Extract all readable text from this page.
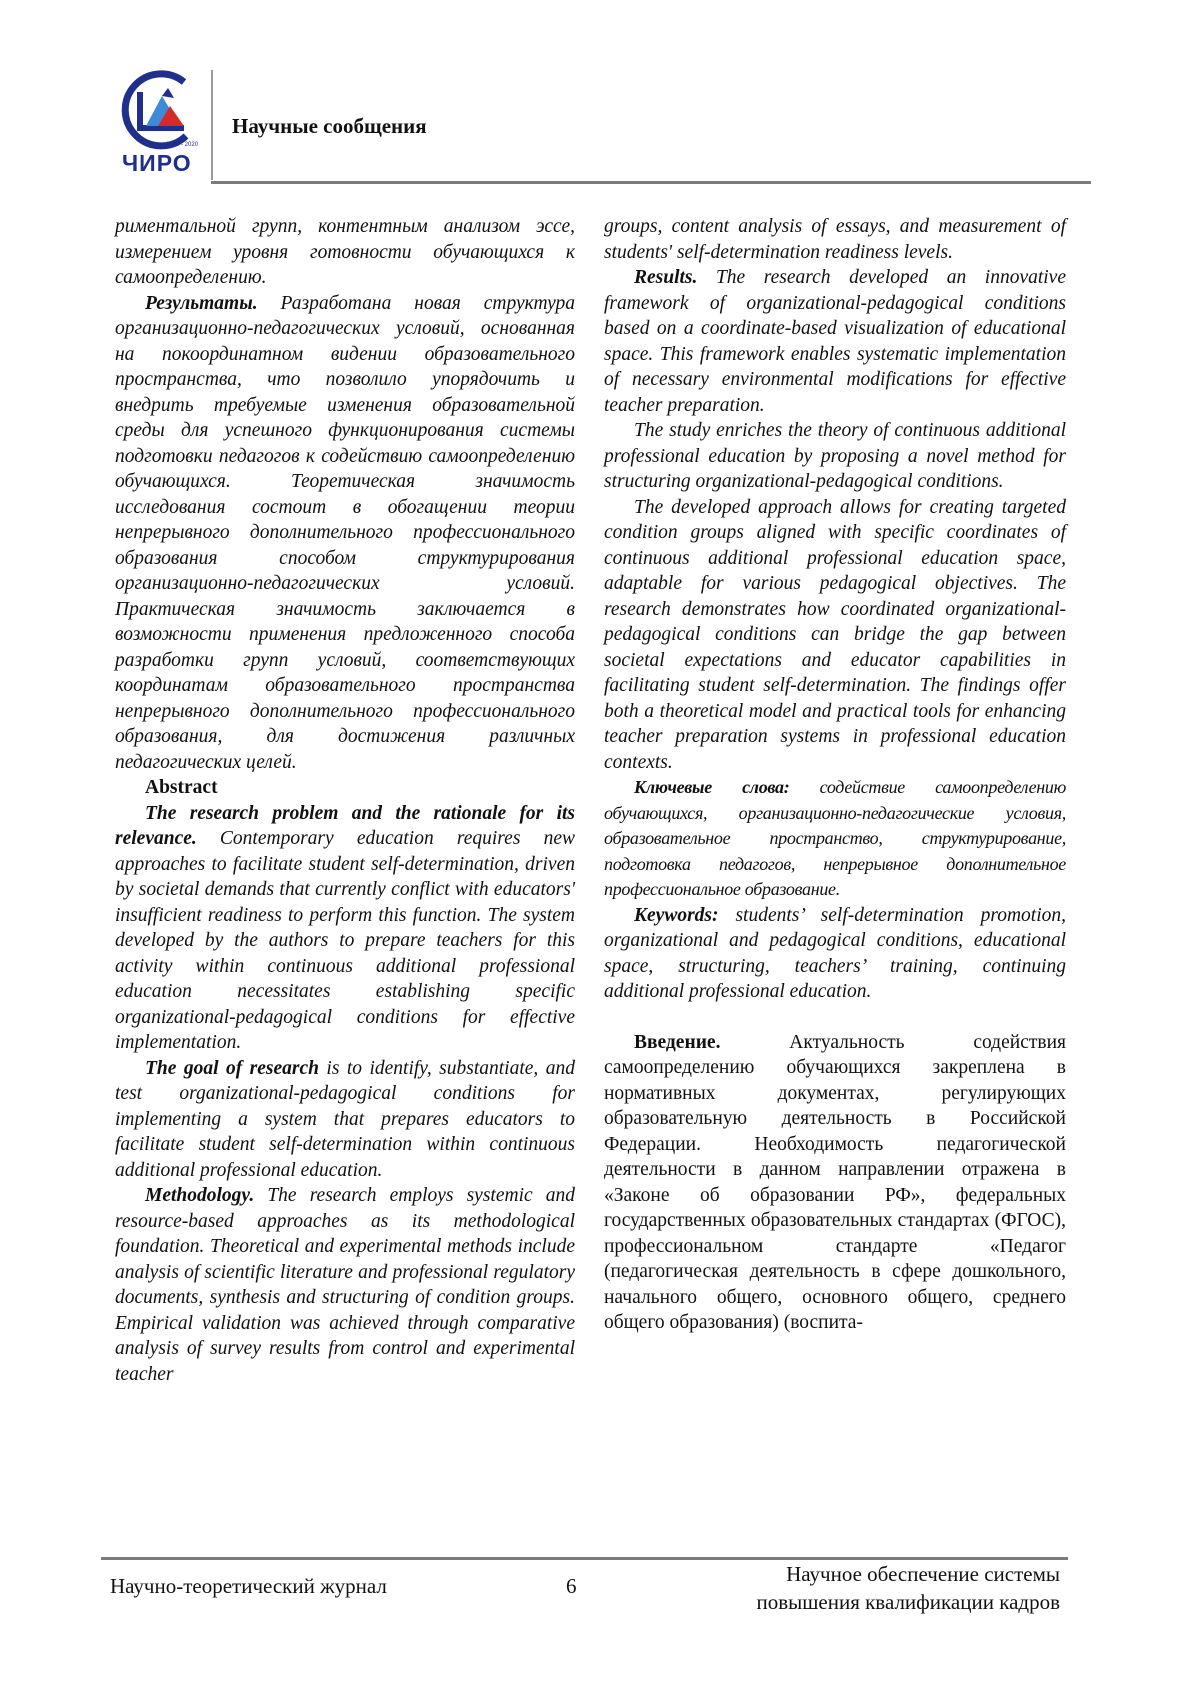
1940 - 2020
ЧИРО
Научные сообщения

риментальной групп, контентным анализом эссе, измерением уровня готовности обучающихся к самоопределению.

Результаты. Разработана новая структура организационно-педагогических условий, основанная на покоординатном видении образовательного пространства, что позволило упорядочить и внедрить требуемые изменения образовательной среды для успешного функционирования системы подготовки педагогов к содействию самоопределению обучающихся. Теоретическая значимость исследования состоит в обогащении теории непрерывного дополнительного профессионального образования способом структурирования организационно-педагогических условий. Практическая значимость заключается в возможности применения предложенного способа разработки групп условий, соответствующих координатам образовательного пространства непрерывного дополнительного профессионального образования, для достижения различных педагогических целей.

Abstract

The research problem and the rationale for its relevance. Contemporary education requires new approaches to facilitate student self-determination, driven by societal demands that currently conflict with educators' insufficient readiness to perform this function. The system developed by the authors to prepare teachers for this activity within continuous additional professional education necessitates establishing specific organizational-pedagogical conditions for effective implementation.

The goal of research is to identify, substantiate, and test organizational-pedagogical conditions for implementing a system that prepares educators to facilitate student self-determination within continuous additional professional education.

Methodology. The research employs systemic and resource-based approaches as its methodological foundation. Theoretical and experimental methods include analysis of scientific literature and professional regulatory documents, synthesis and structuring of condition groups. Empirical validation was achieved through comparative analysis of survey results from control and experimental teacher

groups, content analysis of essays, and measurement of students' self-determination readiness levels.

Results. The research developed an innovative framework of organizational-pedagogical conditions based on a coordinate-based visualization of educational space. This framework enables systematic implementation of necessary environmental modifications for effective teacher preparation.

The study enriches the theory of continuous additional professional education by proposing a novel method for structuring organizational-pedagogical conditions.

The developed approach allows for creating targeted condition groups aligned with specific coordinates of continuous additional professional education space, adaptable for various pedagogical objectives. The research demonstrates how coordinated organizational-pedagogical conditions can bridge the gap between societal expectations and educator capabilities in facilitating student self-determination. The findings offer both a theoretical model and practical tools for enhancing teacher preparation systems in professional education contexts.

Ключевые слова: содействие самоопределению обучающихся, организационно-педагогические условия, образовательное пространство, структурирование, подготовка педагогов, непрерывное дополнительное профессиональное образование.

Keywords: students’ self-determination promotion, organizational and pedagogical conditions, educational space, structuring, teachers’ training, continuing additional professional education.

Введение. Актуальность содействия самоопределению обучающихся закреплена в нормативных документах, регулирующих образовательную деятельность в Российской Федерации. Необходимость педагогической деятельности в данном направлении отражена в «Законе об образовании РФ», федеральных государственных образовательных стандартах (ФГОС), профессиональном стандарте «Педагог (педагогическая деятельность в сфере дошкольного, начального общего, основного общего, среднего общего образования) (воспита-

Научно-теоретический журнал	6	Научное обеспечение системы
повышения квалификации кадров
